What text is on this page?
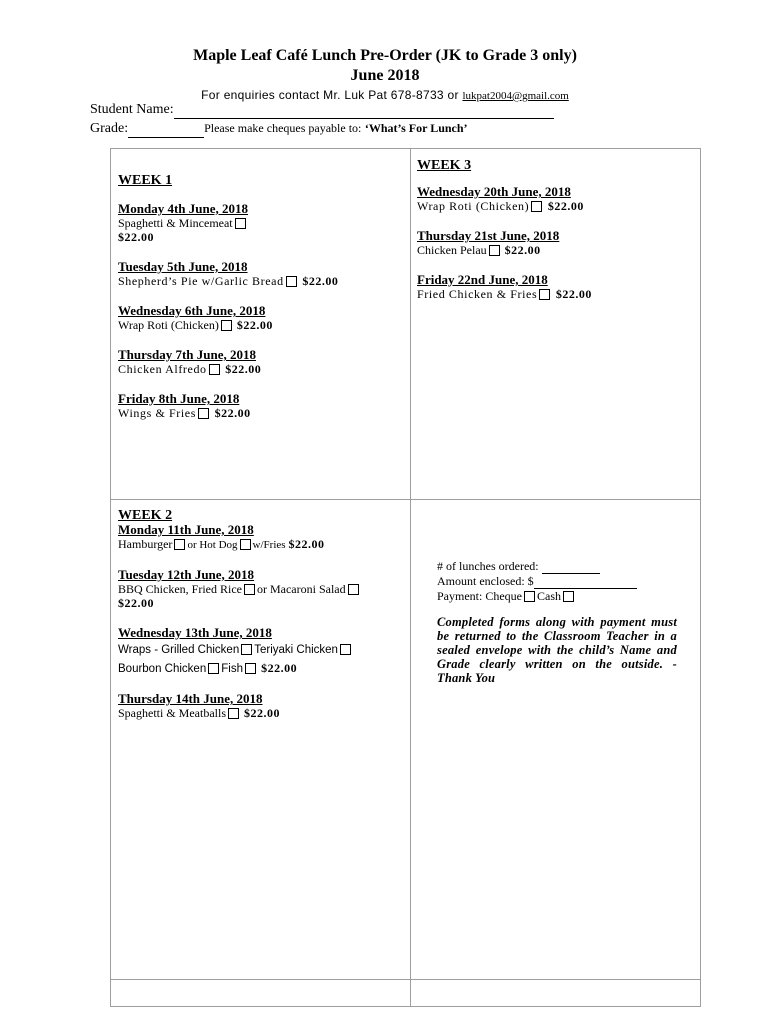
Maple Leaf Café Lunch Pre-Order (JK to Grade 3 only)
June 2018
For enquiries contact Mr. Luk Pat 678-8733 or lukpat2004@gmail.com
Student Name:
Grade:	Please make cheques payable to: ‘What’s For Lunch’
WEEK 1
Monday 4th June, 2018
Spaghetti & Mincemeat
$22.00
Tuesday 5th June, 2018
Shepherd’s Pie w/Garlic Bread $22.00
Wednesday 6th June, 2018
Wrap Roti (Chicken) $22.00
Thursday 7th June, 2018
Chicken Alfredo $22.00
Friday 8th June, 2018
Wings & Fries $22.00
WEEK 3
Wednesday 20th June, 2018
Wrap Roti (Chicken) $22.00
Thursday 21st June, 2018
Chicken Pelau $22.00
Friday 22nd June, 2018
Fried Chicken & Fries $22.00
WEEK 2
Monday 11th June, 2018
Hamburger or Hot Dog w/Fries $22.00
Tuesday 12th June, 2018
BBQ Chicken, Fried Rice or Macaroni Salad
$22.00
Wednesday 13th June, 2018
Wraps - Grilled Chicken Teriyaki Chicken
Bourbon Chicken Fish $22.00
Thursday 14th June, 2018
Spaghetti & Meatballs $22.00
# of lunches ordered:
Amount enclosed: $
Payment: Cheque Cash
Completed forms along with payment must be returned to the Classroom Teacher in a sealed envelope with the child’s Name and Grade clearly written on the outside. - Thank You
